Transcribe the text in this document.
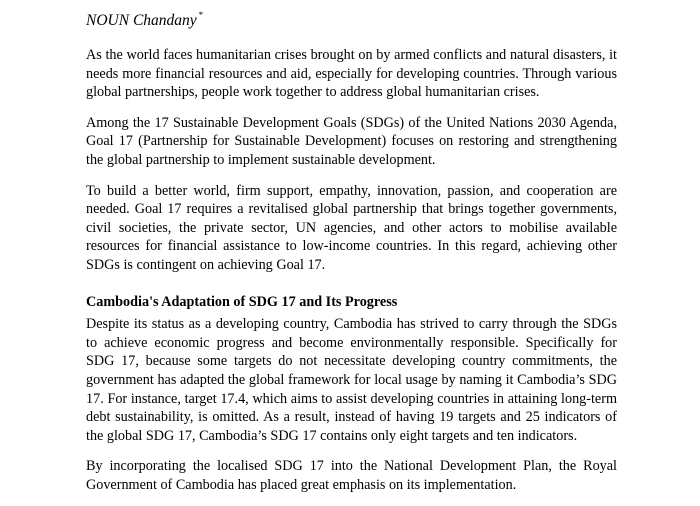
NOUN Chandany *

As the world faces humanitarian crises brought on by armed conflicts and natural disasters, it needs more financial resources and aid, especially for developing countries. Through various global partnerships, people work together to address global humanitarian crises.

Among the 17 Sustainable Development Goals (SDGs) of the United Nations 2030 Agenda, Goal 17 (Partnership for Sustainable Development) focuses on restoring and strengthening the global partnership to implement sustainable development.

To build a better world, firm support, empathy, innovation, passion, and cooperation are needed. Goal 17 requires a revitalised global partnership that brings together governments, civil societies, the private sector, UN agencies, and other actors to mobilise available resources for financial assistance to low-income countries. In this regard, achieving other SDGs is contingent on achieving Goal 17.

Cambodia's Adaptation of SDG 17 and Its Progress

Despite its status as a developing country, Cambodia has strived to carry through the SDGs to achieve economic progress and become environmentally responsible. Specifically for SDG 17, because some targets do not necessitate developing country commitments, the government has adapted the global framework for local usage by naming it Cambodia’s SDG 17. For instance, target 17.4, which aims to assist developing countries in attaining long-term debt sustainability, is omitted. As a result, instead of having 19 targets and 25 indicators of the global SDG 17, Cambodia’s SDG 17 contains only eight targets and ten indicators.

By incorporating the localised SDG 17 into the National Development Plan, the Royal Government of Cambodia has placed great emphasis on its implementation.
